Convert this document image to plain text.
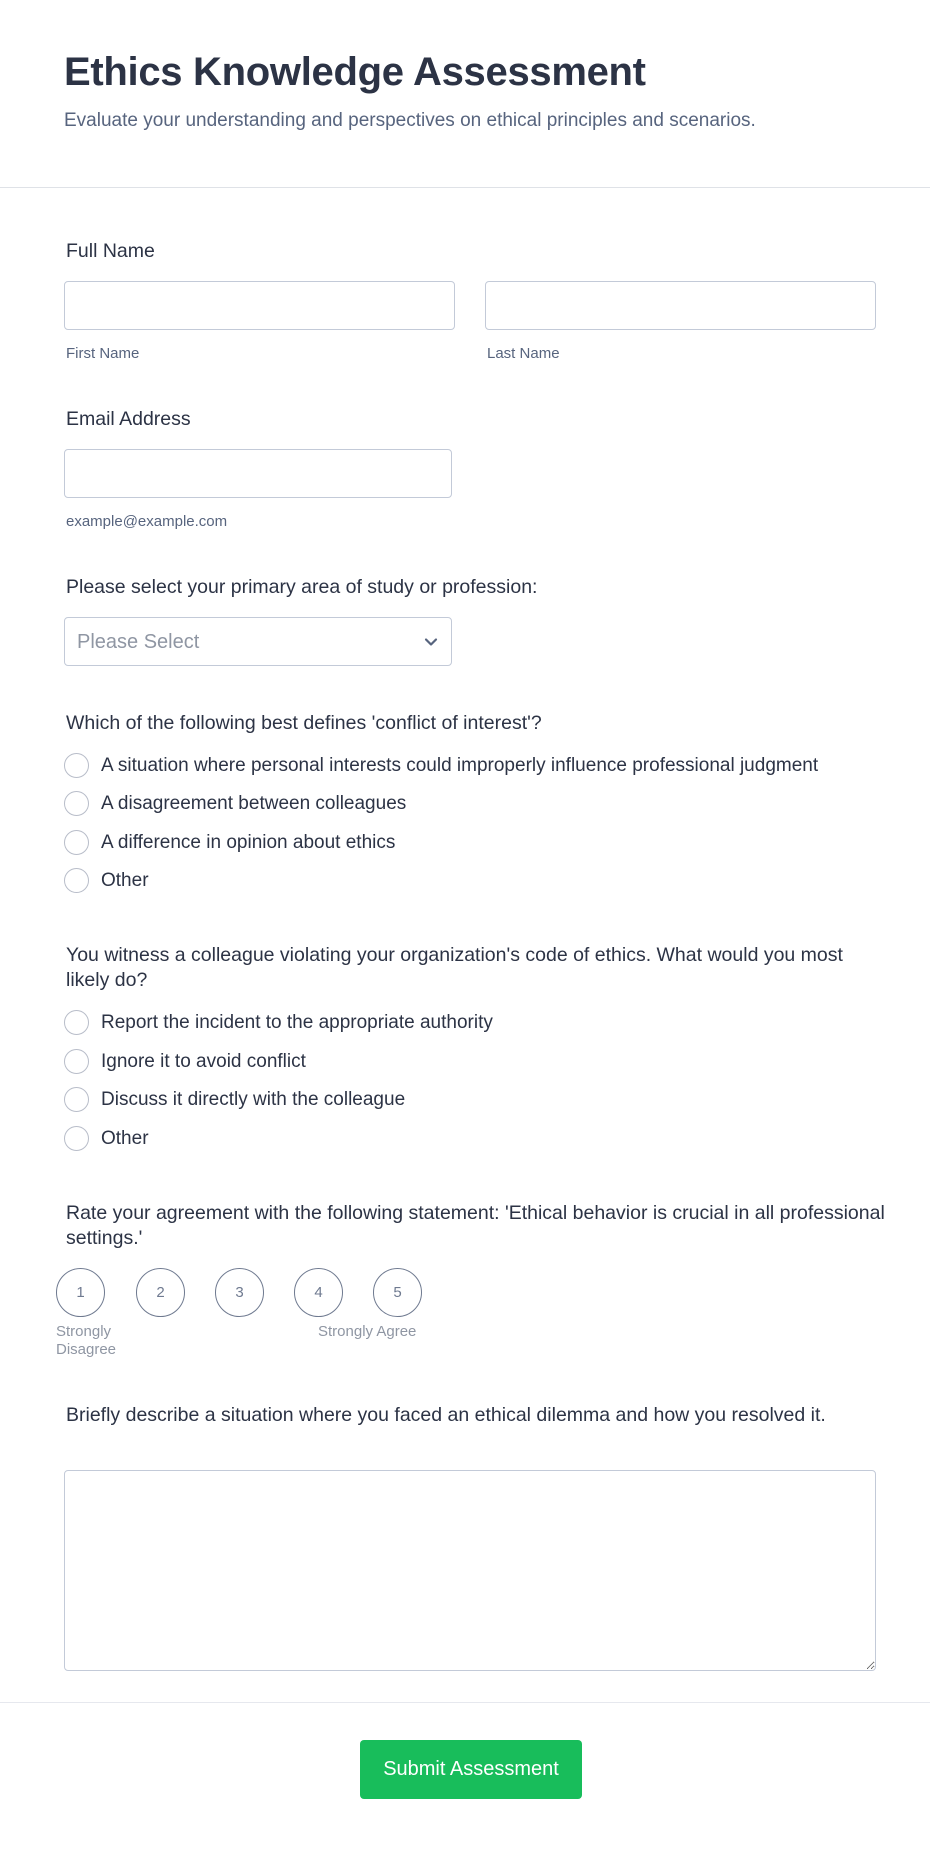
Ethics Knowledge Assessment
Evaluate your understanding and perspectives on ethical principles and scenarios.
Full Name
First Name	Last Name
Email Address
example@example.com
Please select your primary area of study or profession:
Please Select
Which of the following best defines 'conflict of interest'?
A situation where personal interests could improperly influence professional judgment
A disagreement between colleagues
A difference in opinion about ethics
Other
You witness a colleague violating your organization's code of ethics. What would you most likely do?
Report the incident to the appropriate authority
Ignore it to avoid conflict
Discuss it directly with the colleague
Other
Rate your agreement with the following statement: 'Ethical behavior is crucial in all professional settings.'
1	2	3	4	5
Strongly Disagree
Strongly Agree
Briefly describe a situation where you faced an ethical dilemma and how you resolved it.
Submit Assessment
